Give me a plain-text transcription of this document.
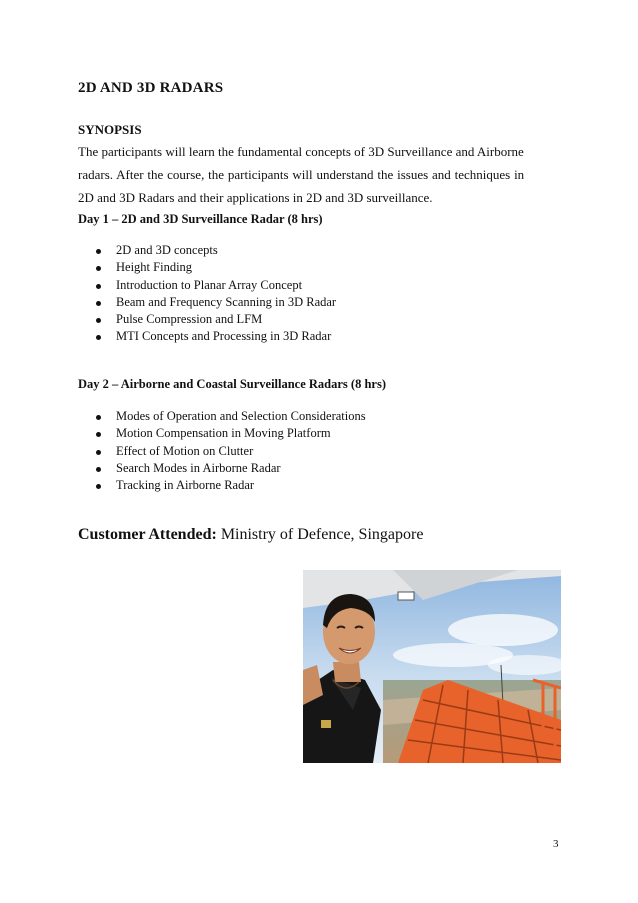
2D AND 3D RADARS
SYNOPSIS
The participants will learn the fundamental concepts of 3D Surveillance and Airborne
radars. After the course, the participants will understand the issues and techniques in
2D and 3D Radars and their applications in 2D and 3D surveillance.
Day 1 – 2D and 3D Surveillance Radar (8 hrs)
2D and 3D concepts
Height Finding
Introduction to Planar Array Concept
Beam and Frequency Scanning in 3D Radar
Pulse Compression and LFM
MTI Concepts and Processing in 3D Radar
Day 2 – Airborne and Coastal Surveillance Radars (8 hrs)
Modes of Operation and Selection Considerations
Motion Compensation in Moving Platform
Effect of Motion on Clutter
Search Modes in Airborne Radar
Tracking in Airborne Radar
Customer Attended: Ministry of Defence, Singapore
3
